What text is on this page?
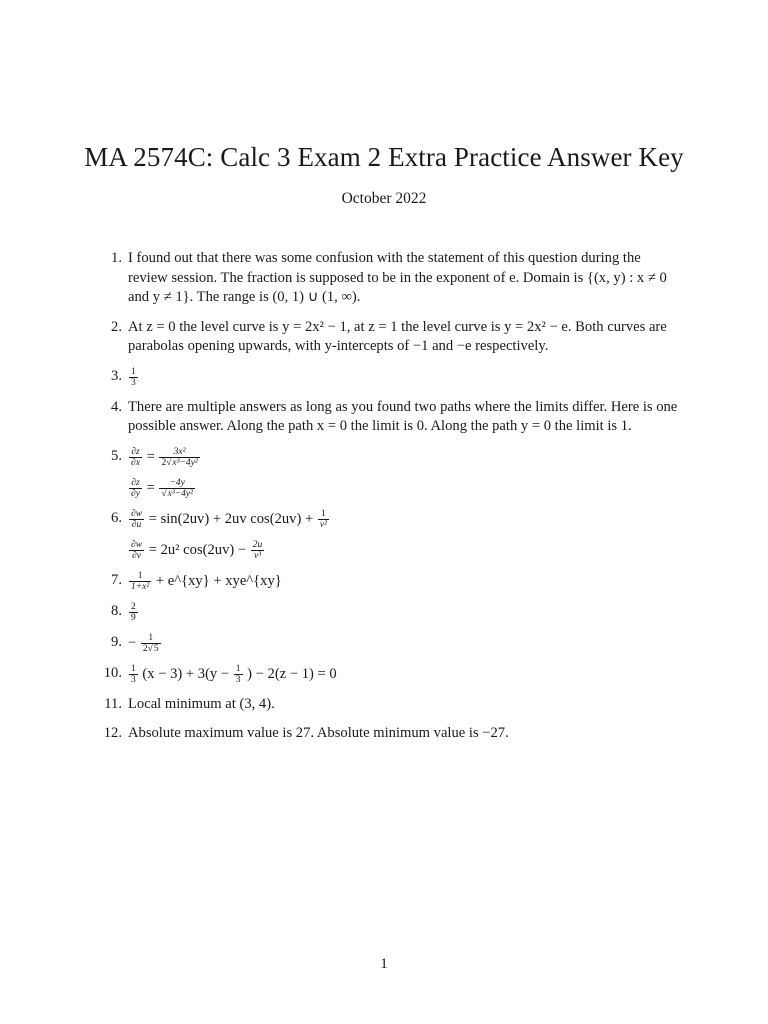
MA 2574C: Calc 3 Exam 2 Extra Practice Answer Key
October 2022
1. I found out that there was some confusion with the statement of this question during the review session. The fraction is supposed to be in the exponent of e. Domain is {(x, y) : x ≠ 0 and y ≠ 1}. The range is (0, 1) ∪ (1, ∞).
2. At z = 0 the level curve is y = 2x² − 1, at z = 1 the level curve is y = 2x² − e. Both curves are parabolas opening upwards, with y-intercepts of −1 and −e respectively.
3. $\frac{1}{3}$
4. There are multiple answers as long as you found two paths where the limits differ. Here is one possible answer. Along the path x = 0 the limit is 0. Along the path y = 0 the limit is 1.
5. $\frac{\partial z}{\partial x} = \frac{\text{3x²}}{\text{2√x³−4y²}}$
$\frac{\partial z}{\partial y} = \frac{-4y}{\text{√x³−4y²}}$
6. $\frac{\partial w}{\partial u} = \sin(2uv) + 2uv$ $\cos(2uv) + \frac{1}{\text{v²}}$
$\frac{\partial w}{\partial v} = 2u^2$ $\cos(2uv) - \frac{2u}{\text{v³}}$
7. $\frac{1}{\text{1+x²}}$ + e^{xy} + xye^{xy}
8. $\frac{2}{9}$
9. − $\frac{1}{2√5}$
10. $\frac{1}{3} (x - 3) + 3(y - \frac{1}{3}$ ) − 2(z − 1) = 0
11. Local minimum at (3, 4).
12. Absolute maximum value is 27. Absolute minimum value is −27.
1
